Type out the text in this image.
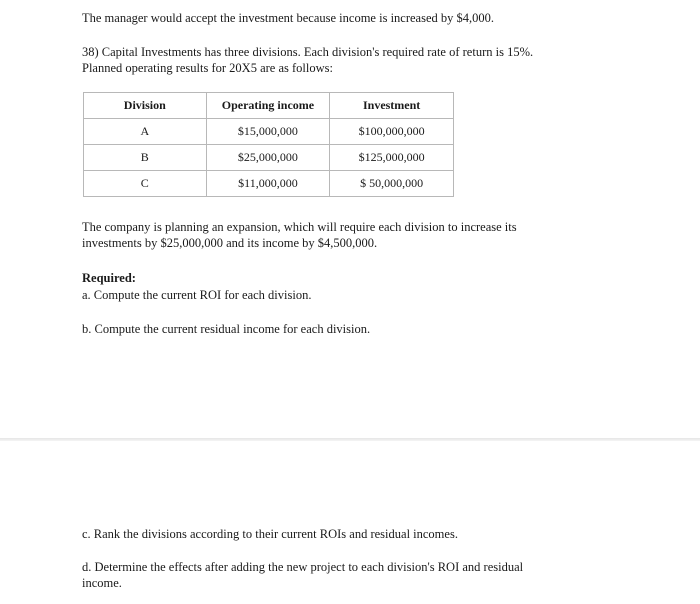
The manager would accept the investment because income is increased by $4,000.
38) Capital Investments has three divisions. Each division's required rate of return is 15%.
Planned operating results for 20X5 are as follows:
Division	Operating income	Investment
A	$15,000,000	$100,000,000
B	$25,000,000	$125,000,000
C	$11,000,000	$ 50,000,000
The company is planning an expansion, which will require each division to increase its
investments by $25,000,000 and its income by $4,500,000.
Required:
a. Compute the current ROI for each division.
b. Compute the current residual income for each division.
c. Rank the divisions according to their current ROIs and residual incomes.
d. Determine the effects after adding the new project to each division's ROI and residual
income.
